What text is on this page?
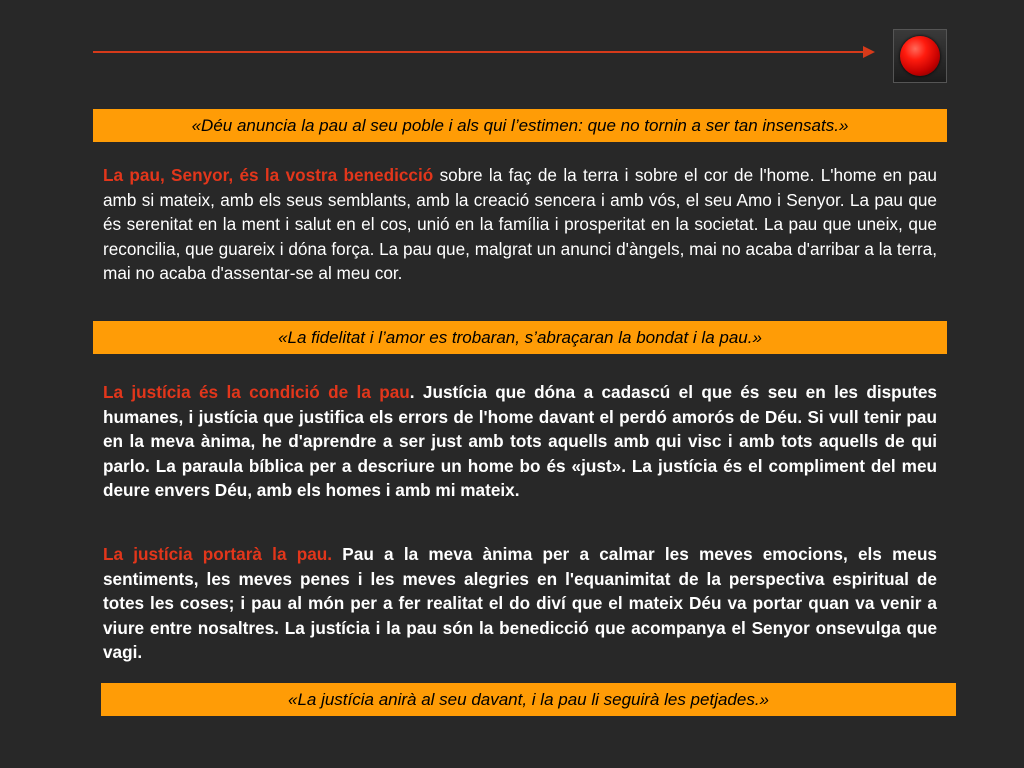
«Déu anuncia la pau al seu poble i als qui l’estimen: que no tornin a ser tan insensats.»

La pau, Senyor, és la vostra benedicció sobre la faç de la terra i sobre el cor de l'home. L'home en pau amb si mateix, amb els seus semblants, amb la creació sencera i amb vós, el seu Amo i Senyor. La pau que és serenitat en la ment i salut en el cos, unió en la família i prosperitat en la societat. La pau que uneix, que reconcilia, que guareix i dóna força. La pau que, malgrat un anunci d'àngels, mai no acaba d'arribar a la terra, mai no acaba d'assentar-se al meu cor.

«La fidelitat i l’amor es trobaran, s’abraçaran la bondat i la pau.»

La justícia és la condició de la pau. Justícia que dóna a cadascú el que és seu en les disputes humanes, i justícia que justifica els errors de l'home davant el perdó amorós de Déu. Si vull tenir pau en la meva ànima, he d'aprendre a ser just amb tots aquells amb qui visc i amb tots aquells de qui parlo. La paraula bíblica per a descriure un home bo és «just». La justícia és el compliment del meu deure envers Déu, amb els homes i amb mi mateix.

La justícia portarà la pau. Pau a la meva ànima per a calmar les meves emocions, els meus sentiments, les meves penes i les meves alegries en l'equanimitat de la perspectiva espiritual de totes les coses; i pau al món per a fer realitat el do diví que el mateix Déu va portar quan va venir a viure entre nosaltres. La justícia i la pau són la benedicció que acompanya el Senyor onsevulga que vagi.

«La justícia anirà al seu davant, i la pau li seguirà les petjades.»
